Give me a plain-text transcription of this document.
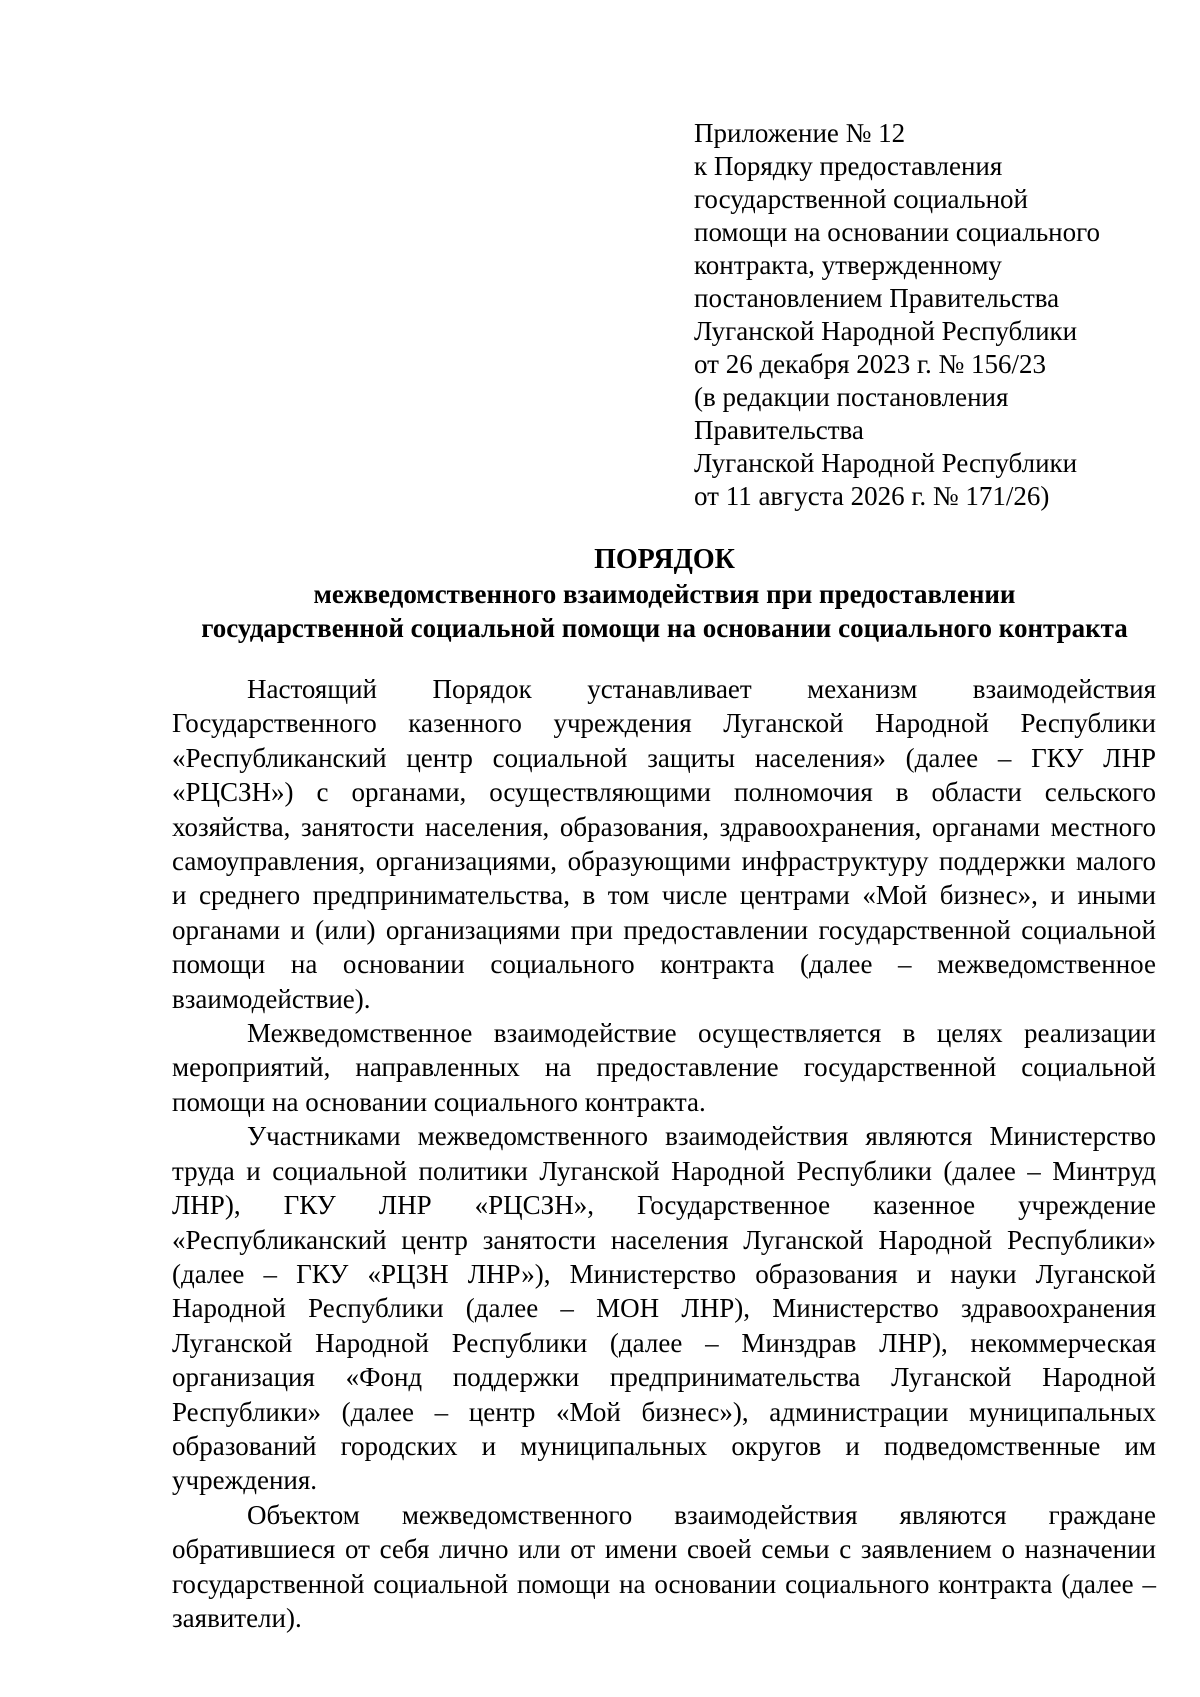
Приложение № 12

к Порядку предоставления

государственной социальной

помощи на основании социального

контракта, утвержденному

постановлением Правительства

Луганской Народной Республики

от 26 декабря 2023 г. № 156/23

(в редакции постановления

Правительства

Луганской Народной Республики

от 11 августа 2026 г. № 171/26)

ПОРЯДОК

межведомственного взаимодействия при предоставлении

государственной социальной помощи на основании социального контракта

Настоящий Порядок устанавливает механизм взаимодействия Государственного казенного учреждения Луганской Народной Республики «Республиканский центр социальной защиты населения» (далее – ГКУ ЛНР «РЦСЗН») с органами, осуществляющими полномочия в области сельского хозяйства, занятости населения, образования, здравоохранения, органами местного самоуправления, организациями, образующими инфраструктуру поддержки малого и среднего предпринимательства, в том числе центрами «Мой бизнес», и иными органами и (или) организациями при предоставлении государственной социальной помощи на основании социального контракта (далее – межведомственное взаимодействие).

Межведомственное взаимодействие осуществляется в целях реализации мероприятий, направленных на предоставление государственной социальной помощи на основании социального контракта.

Участниками межведомственного взаимодействия являются Министерство труда и социальной политики Луганской Народной Республики (далее – Минтруд ЛНР), ГКУ ЛНР «РЦСЗН», Государственное казенное учреждение «Республиканский центр занятости населения Луганской Народной Республики» (далее – ГКУ «РЦЗН ЛНР»), Министерство образования и науки Луганской Народной Республики (далее – МОН ЛНР), Министерство здравоохранения Луганской Народной Республики (далее – Минздрав ЛНР), некоммерческая организация «Фонд поддержки предпринимательства Луганской Народной Республики» (далее – центр «Мой бизнес»), администрации муниципальных образований городских и муниципальных округов и подведомственные им учреждения.

Объектом межведомственного взаимодействия являются граждане обратившиеся от себя лично или от имени своей семьи с заявлением о назначении государственной социальной помощи на основании социального контракта (далее – заявители).
